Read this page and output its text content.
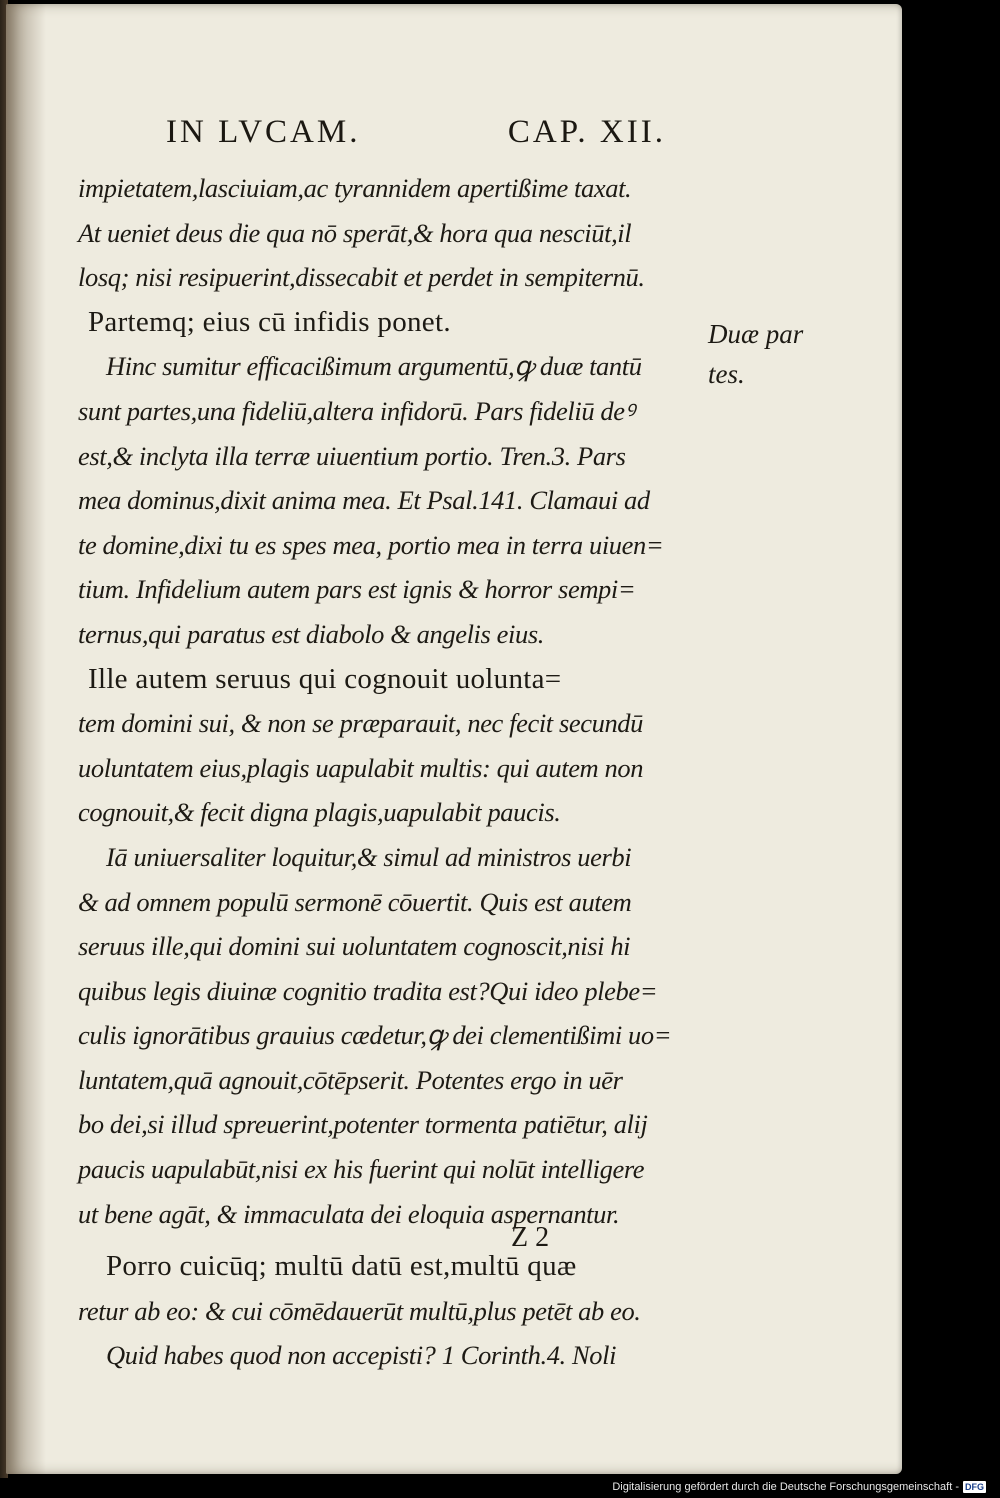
IN LVCAM.	CAP. XII.
impietatem,lasciuiam,ac tyrannidem apertißime taxat.
At ueniet deus die qua nō sperāt,& hora qua nesciūt,il
losq; nisi resipuerint,dissecabit et perdet in sempiternū.
Partemq; eius cū infidis ponet.
Hinc sumitur efficacißimum argumentū,ꝙ duæ tantū
sunt partes,una fideliū,altera infidorū. Pars fideliū deꝰ
est,& inclyta illa terræ uiuentium portio. Tren.3. Pars
mea dominus,dixit anima mea. Et Psal.141. Clamaui ad
te domine,dixi tu es spes mea, portio mea in terra uiuen=
tium. Infidelium autem pars est ignis & horror sempi=
ternus,qui paratus est diabolo & angelis eius.
Ille autem seruus qui cognouit uolunta=
tem domini sui, & non se præparauit, nec fecit secundū
uoluntatem eius,plagis uapulabit multis: qui autem non
cognouit,& fecit digna plagis,uapulabit paucis.
Iā uniuersaliter loquitur,& simul ad ministros uerbi
& ad omnem populū sermonē cōuertit. Quis est autem
seruus ille,qui domini sui uoluntatem cognoscit,nisi hi
quibus legis diuinæ cognitio tradita est?Qui ideo plebe=
culis ignorātibus grauius cædetur,ꝙ dei clementißimi uo=
luntatem,quā agnouit,cōtēpserit. Potentes ergo in uēr
bo dei,si illud spreuerint,potenter tormenta patiētur, alij
paucis uapulabūt,nisi ex his fuerint qui nolūt intelligere
ut bene agāt, & immaculata dei eloquia aspernantur.
Porro cuicūq; multū datū est,multū quæ
retur ab eo: & cui cōmēdauerūt multū,plus petēt ab eo.
Quid habes quod non accepisti? 1 Corinth.4. Noli
Duæ par
tes.
Z 2
Digitalisierung gefördert durch die Deutsche Forschungsgemeinschaft - DFG
